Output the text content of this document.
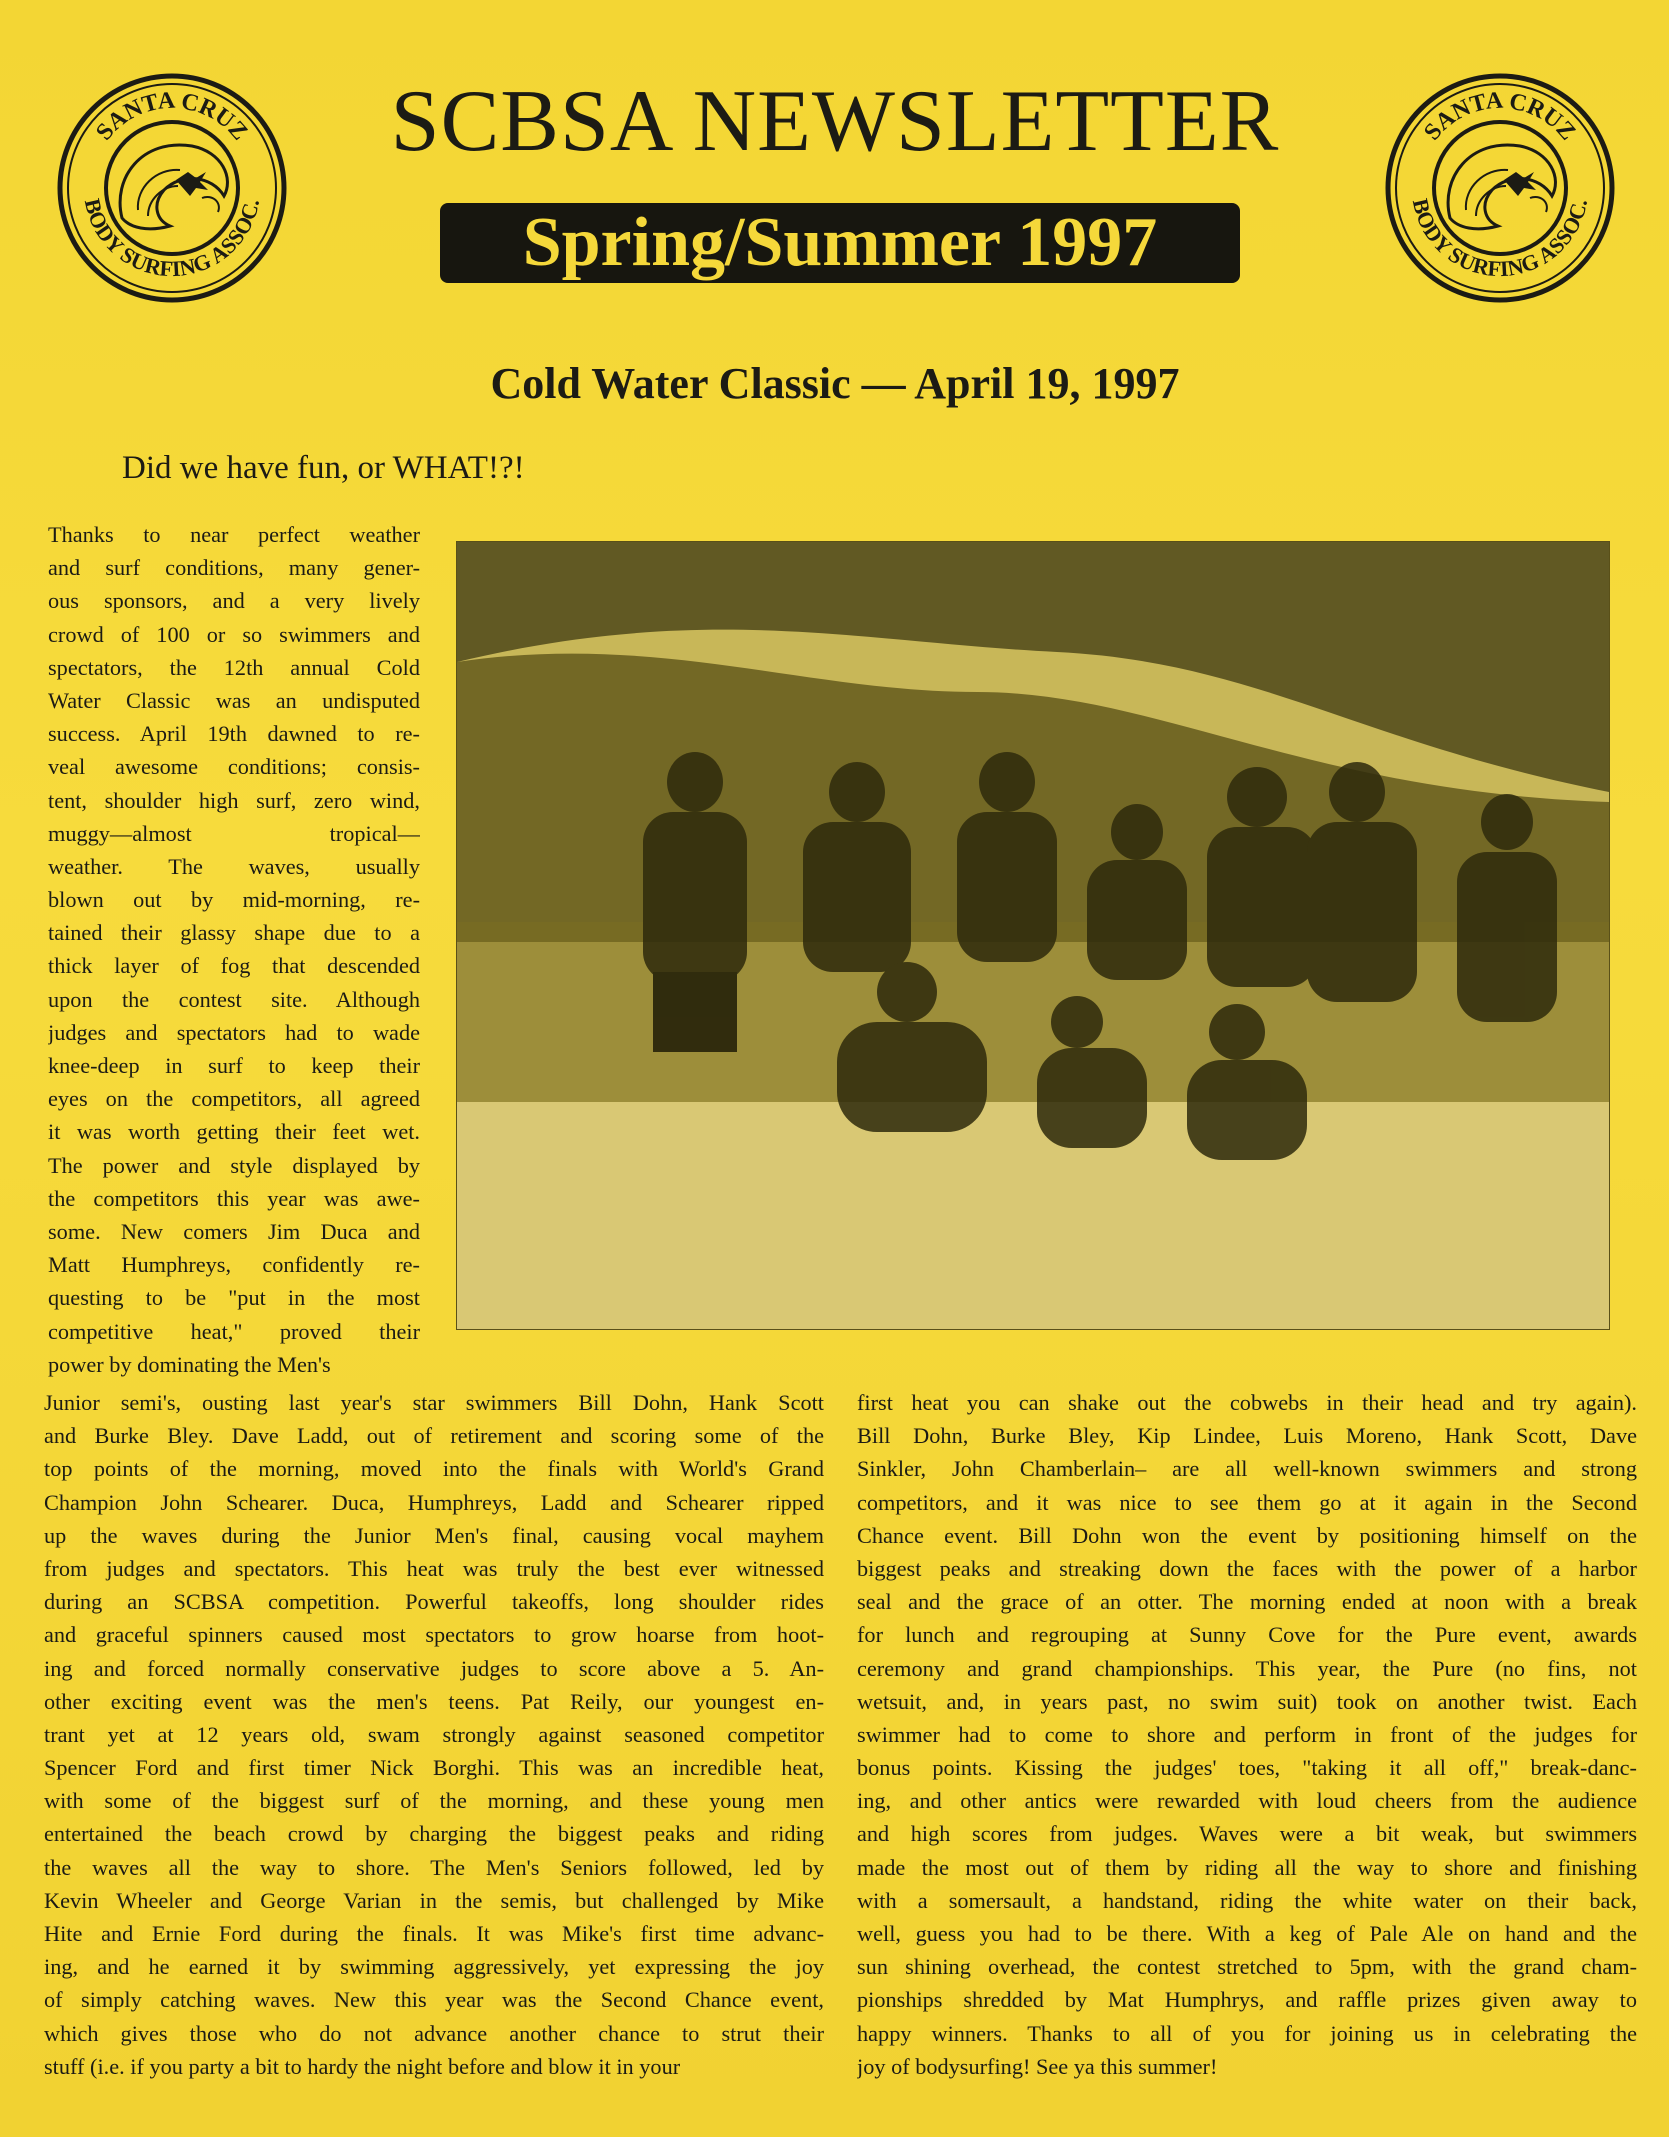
SANTA CRUZ
BODY SURFING ASSOC.
SANTA CRUZ
BODY SURFING ASSOC.
SCBSA NEWSLETTER
Spring/Summer 1997
Cold Water Classic — April 19, 1997
Did we have fun, or WHAT!?!
Thanks to near perfect weather
and surf conditions, many gener-
ous sponsors, and a very lively
crowd of 100 or so swimmers and
spectators, the 12th annual Cold
Water Classic was an undisputed
success. April 19th dawned to re-
veal awesome conditions; consis-
tent, shoulder high surf, zero wind,
muggy—almost tropical—
weather. The waves, usually
blown out by mid-morning, re-
tained their glassy shape due to a
thick layer of fog that descended
upon the contest site. Although
judges and spectators had to wade
knee-deep in surf to keep their
eyes on the competitors, all agreed
it was worth getting their feet wet.
The power and style displayed by
the competitors this year was awe-
some. New comers Jim Duca and
Matt Humphreys, confidently re-
questing to be "put in the most
competitive heat," proved their
power by dominating the Men's
Junior semi's, ousting last year's star swimmers Bill Dohn, Hank Scott
and Burke Bley. Dave Ladd, out of retirement and scoring some of the
top points of the morning, moved into the finals with World's Grand
Champion John Schearer. Duca, Humphreys, Ladd and Schearer ripped
up the waves during the Junior Men's final, causing vocal mayhem
from judges and spectators. This heat was truly the best ever witnessed
during an SCBSA competition. Powerful takeoffs, long shoulder rides
and graceful spinners caused most spectators to grow hoarse from hoot-
ing and forced normally conservative judges to score above a 5. An-
other exciting event was the men's teens. Pat Reily, our youngest en-
trant yet at 12 years old, swam strongly against seasoned competitor
Spencer Ford and first timer Nick Borghi. This was an incredible heat,
with some of the biggest surf of the morning, and these young men
entertained the beach crowd by charging the biggest peaks and riding
the waves all the way to shore. The Men's Seniors followed, led by
Kevin Wheeler and George Varian in the semis, but challenged by Mike
Hite and Ernie Ford during the finals. It was Mike's first time advanc-
ing, and he earned it by swimming aggressively, yet expressing the joy
of simply catching waves. New this year was the Second Chance event,
which gives those who do not advance another chance to strut their
stuff (i.e. if you party a bit to hardy the night before and blow it in your
first heat you can shake out the cobwebs in their head and try again).
Bill Dohn, Burke Bley, Kip Lindee, Luis Moreno, Hank Scott, Dave
Sinkler, John Chamberlain– are all well-known swimmers and strong
competitors, and it was nice to see them go at it again in the Second
Chance event. Bill Dohn won the event by positioning himself on the
biggest peaks and streaking down the faces with the power of a harbor
seal and the grace of an otter. The morning ended at noon with a break
for lunch and regrouping at Sunny Cove for the Pure event, awards
ceremony and grand championships. This year, the Pure (no fins, not
wetsuit, and, in years past, no swim suit) took on another twist. Each
swimmer had to come to shore and perform in front of the judges for
bonus points. Kissing the judges' toes, "taking it all off," break-danc-
ing, and other antics were rewarded with loud cheers from the audience
and high scores from judges. Waves were a bit weak, but swimmers
made the most out of them by riding all the way to shore and finishing
with a somersault, a handstand, riding the white water on their back,
well, guess you had to be there. With a keg of Pale Ale on hand and the
sun shining overhead, the contest stretched to 5pm, with the grand cham-
pionships shredded by Mat Humphrys, and raffle prizes given away to
happy winners. Thanks to all of you for joining us in celebrating the
joy of bodysurfing! See ya this summer!
